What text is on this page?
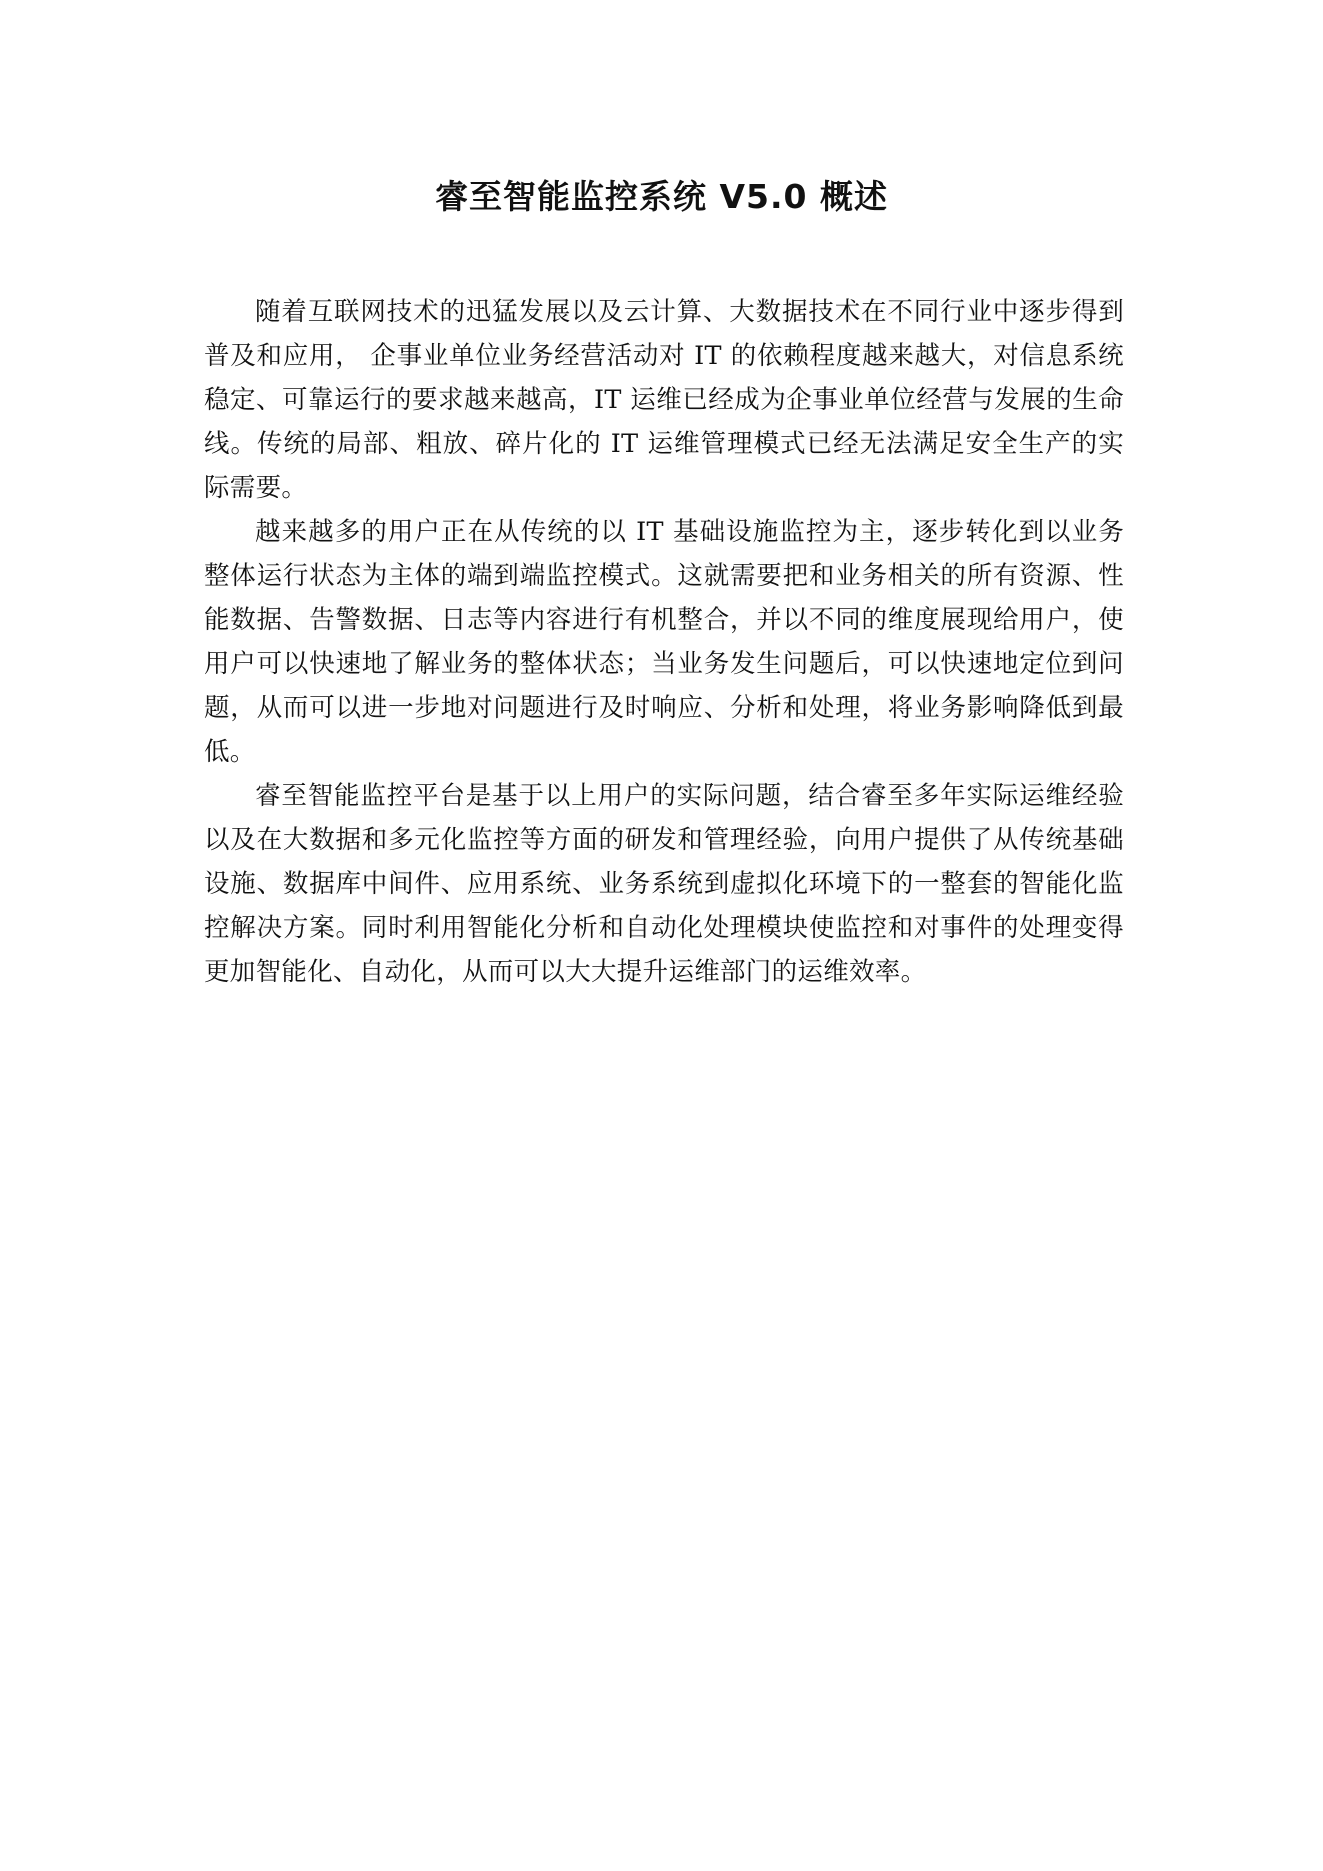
睿至智能监控系统 V5.0 概述

随着互联网技术的迅猛发展以及云计算、大数据技术在不同行业中逐步得到普及和应用， 企事业单位业务经营活动对 IT 的依赖程度越来越大，对信息系统稳定、可靠运行的要求越来越高，IT 运维已经成为企事业单位经营与发展的生命线。传统的局部、粗放、碎片化的 IT 运维管理模式已经无法满足安全生产的实际需要。

越来越多的用户正在从传统的以 IT 基础设施监控为主，逐步转化到以业务整体运行状态为主体的端到端监控模式。这就需要把和业务相关的所有资源、性能数据、告警数据、日志等内容进行有机整合，并以不同的维度展现给用户，使用户可以快速地了解业务的整体状态；当业务发生问题后，可以快速地定位到问题，从而可以进一步地对问题进行及时响应、分析和处理，将业务影响降低到最低。

睿至智能监控平台是基于以上用户的实际问题，结合睿至多年实际运维经验以及在大数据和多元化监控等方面的研发和管理经验，向用户提供了从传统基础设施、数据库中间件、应用系统、业务系统到虚拟化环境下的一整套的智能化监控解决方案。同时利用智能化分析和自动化处理模块使监控和对事件的处理变得更加智能化、自动化，从而可以大大提升运维部门的运维效率。
